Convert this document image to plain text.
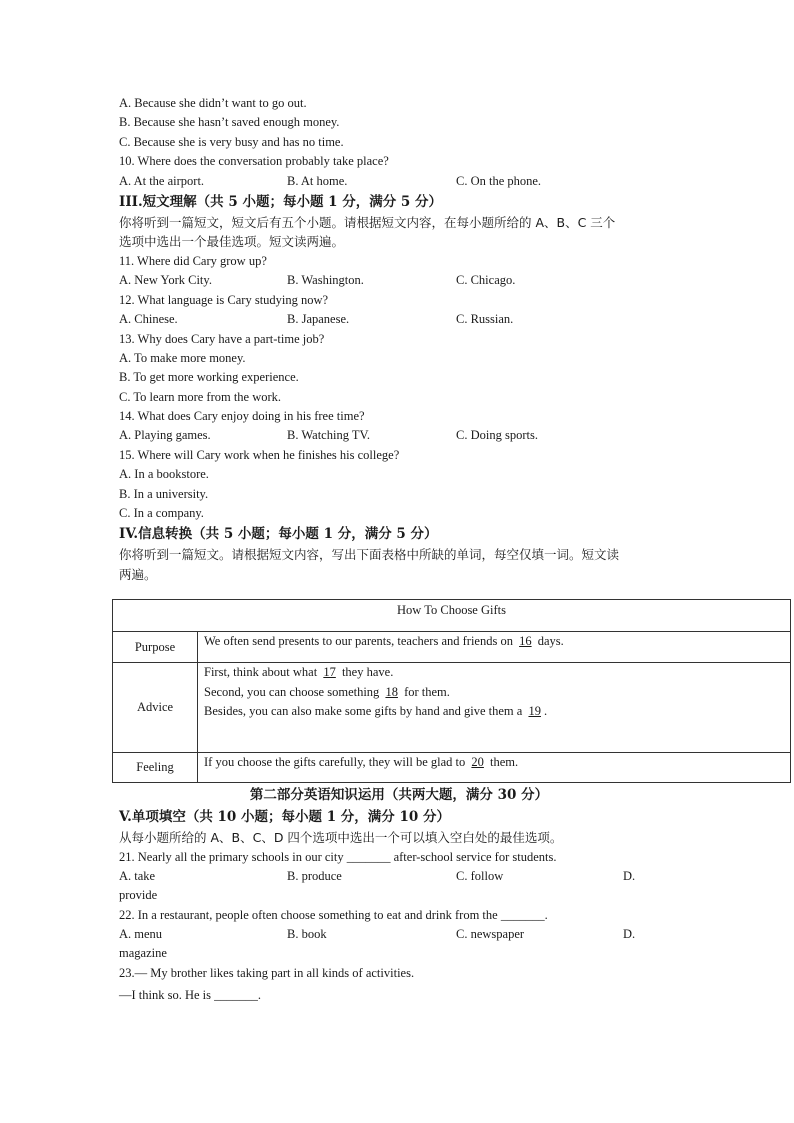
A. Because she didn’t want to go out.
B. Because she hasn’t saved enough money.
C. Because she is very busy and has no time.
10. Where does the conversation probably take place?
A. At the airport.	B. At home.	C. On the phone.
III.短文理解（共 5 小题；每小题 1 分，满分 5 分）
你将听到一篇短文，短文后有五个小题。请根据短文内容，在每小题所给的 A、B、C 三个
选项中选出一个最佳选项。短文读两遍。
11. Where did Cary grow up?
A. New York City.	B. Washington.	C. Chicago.
12. What language is Cary studying now?
A. Chinese.	B. Japanese.	C. Russian.
13. Why does Cary have a part-time job?
A. To make more money.
B. To get more working experience.
C. To learn more from the work.
14. What does Cary enjoy doing in his free time?
A. Playing games.	B. Watching TV.	C. Doing sports.
15. Where will Cary work when he finishes his college?
A. In a bookstore.
B. In a university.
C. In a company.
IV.信息转换（共 5 小题；每小题 1 分，满分 5 分）
你将听到一篇短文。请根据短文内容，写出下面表格中所缺的单词，每空仅填一词。短文读
两遍。
How To Choose Gifts	
Purpose	We often send presents to our parents, teachers and friends on 16 days.
Advice	First, think about what 17 they have.
Second, you can choose something 18 for them.
Besides, you can also make some gifts by hand and give them a 19 .

Feeling	If you choose the gifts carefully, they will be glad to 20 them.
第二部分英语知识运用（共两大题，满分 30 分）
V.单项填空（共 10 小题；每小题 1 分，满分 10 分）
从每小题所给的 A、B、C、D 四个选项中选出一个可以填入空白处的最佳选项。
21. Nearly all the primary schools in our city _______ after-school service for students.
A. take	B. produce	C. follow	D.
provide
22. In a restaurant, people often choose something to eat and drink from the _______.
A. menu	B. book	C. newspaper	D.
magazine
23.— My brother likes taking part in all kinds of activities.
—I think so. He is _______.
